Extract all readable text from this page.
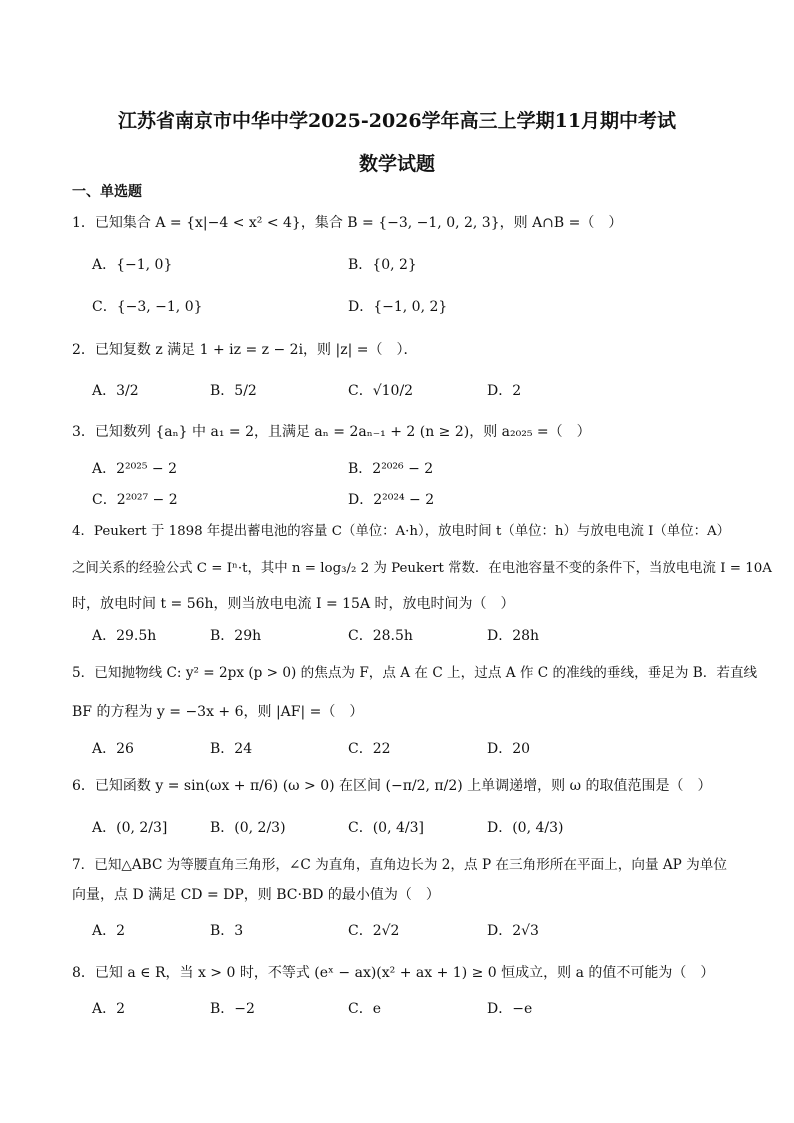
江苏省南京市中华中学2025-2026学年高三上学期11月期中考试
数学试题
一、单选题
1．已知集合 A = {x|−4 < x² < 4}，集合 B = {−3, −1, 0, 2, 3}，则 A∩B =（　）
A．{−1, 0}	B．{0, 2}
C．{−3, −1, 0}	D．{−1, 0, 2}
2．已知复数 z 满足 1 + iz = z − 2i，则 |z| =（　）．
A．3/2	B．5/2	C．√10/2	D．2
3．已知数列 {aₙ} 中 a₁ = 2，且满足 aₙ = 2aₙ₋₁ + 2 (n ≥ 2)，则 a₂₀₂₅ =（　）
A．2²⁰²⁵ − 2	B．2²⁰²⁶ − 2
C．2²⁰²⁷ − 2	D．2²⁰²⁴ − 2
4．Peukert 于 1898 年提出蓄电池的容量 C（单位：A·h），放电时间 t（单位：h）与放电电流 I（单位：A）
之间关系的经验公式 C = Iⁿ·t，其中 n = log₃/₂ 2 为 Peukert 常数．在电池容量不变的条件下，当放电电流 I = 10A
时，放电时间 t = 56h，则当放电电流 I = 15A 时，放电时间为（　）
A．29.5h	B．29h	C．28.5h	D．28h
5．已知抛物线 C: y² = 2px (p > 0) 的焦点为 F，点 A 在 C 上，过点 A 作 C 的准线的垂线，垂足为 B．若直线
BF 的方程为 y = −3x + 6，则 |AF| =（　）
A．26	B．24	C．22	D．20
6．已知函数 y = sin(ωx + π/6) (ω > 0) 在区间 (−π/2, π/2) 上单调递增，则 ω 的取值范围是（　）
A．(0, 2/3]	B．(0, 2/3)	C．(0, 4/3]	D．(0, 4/3)
7．已知△ABC 为等腰直角三角形，∠C 为直角，直角边长为 2，点 P 在三角形所在平面上，向量 AP 为单位
向量，点 D 满足 CD = DP，则 BC·BD 的最小值为（　）
A．2	B．3	C．2√2	D．2√3
8．已知 a ∈ R，当 x > 0 时，不等式 (eˣ − ax)(x² + ax + 1) ≥ 0 恒成立，则 a 的值不可能为（　）
A．2	B．−2	C．e	D．−e
